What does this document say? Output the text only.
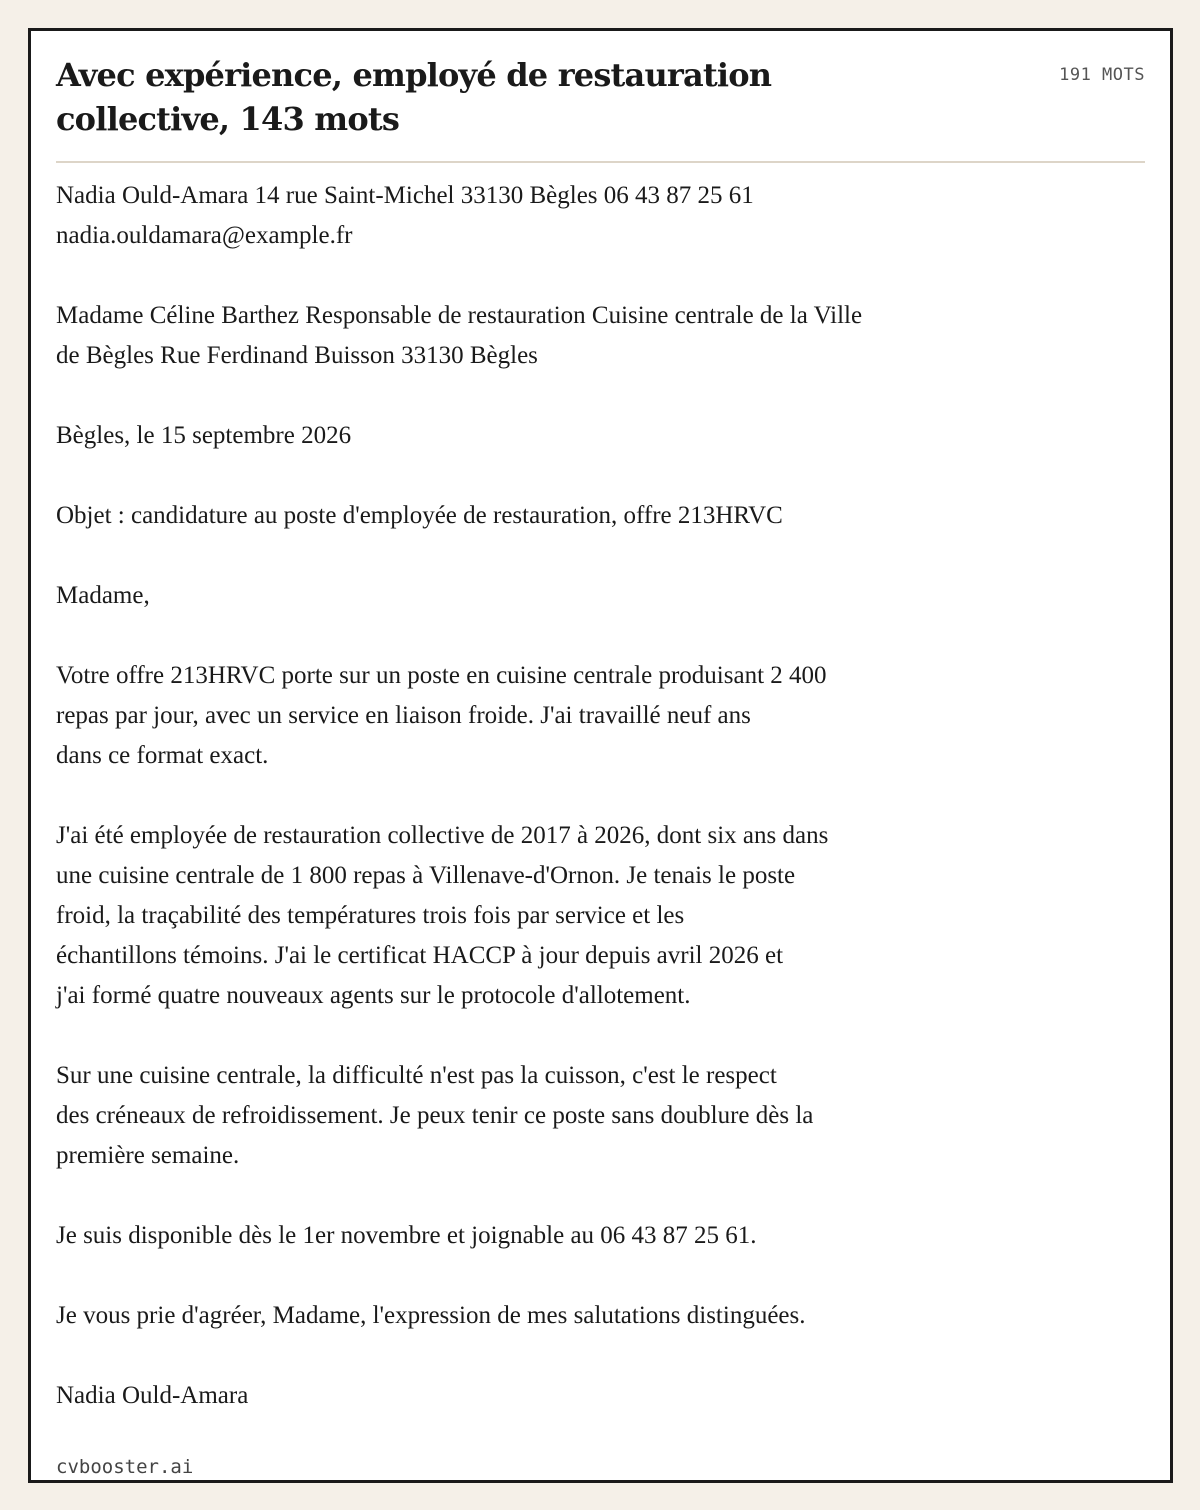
Avec expérience, employé de restauration collective, 143 mots
191 MOTS
Nadia Ould-Amara 14 rue Saint-Michel 33130 Bègles 06 43 87 25 61
nadia.ouldamara@example.fr

Madame Céline Barthez Responsable de restauration Cuisine centrale de la Ville
de Bègles Rue Ferdinand Buisson 33130 Bègles

Bègles, le 15 septembre 2026

Objet : candidature au poste d'employée de restauration, offre 213HRVC

Madame,

Votre offre 213HRVC porte sur un poste en cuisine centrale produisant 2 400
repas par jour, avec un service en liaison froide. J'ai travaillé neuf ans
dans ce format exact.

J'ai été employée de restauration collective de 2017 à 2026, dont six ans dans
une cuisine centrale de 1 800 repas à Villenave-d'Ornon. Je tenais le poste
froid, la traçabilité des températures trois fois par service et les
échantillons témoins. J'ai le certificat HACCP à jour depuis avril 2026 et
j'ai formé quatre nouveaux agents sur le protocole d'allotement.

Sur une cuisine centrale, la difficulté n'est pas la cuisson, c'est le respect
des créneaux de refroidissement. Je peux tenir ce poste sans doublure dès la
première semaine.

Je suis disponible dès le 1er novembre et joignable au 06 43 87 25 61.

Je vous prie d'agréer, Madame, l'expression de mes salutations distinguées.

Nadia Ould-Amara
cvbooster.ai
